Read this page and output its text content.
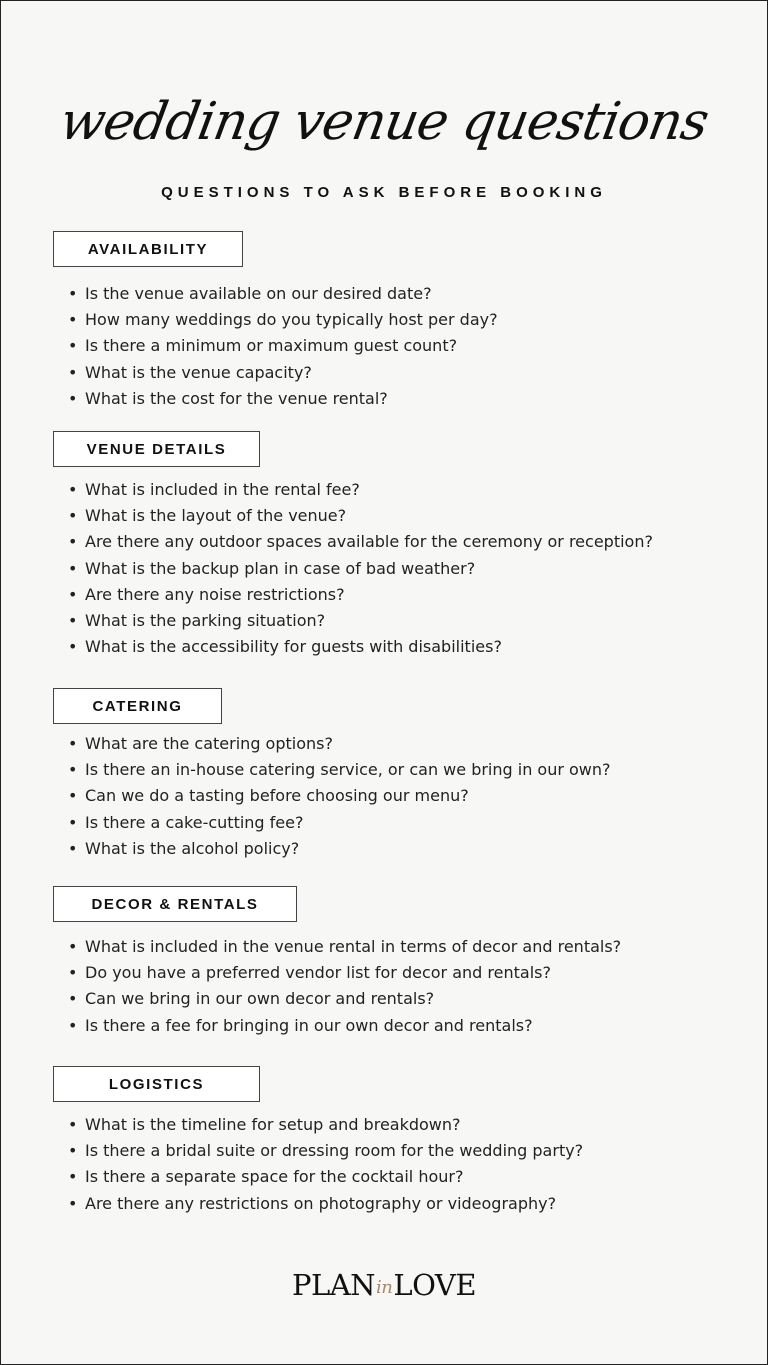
wedding venue questions
QUESTIONS TO ASK BEFORE BOOKING
AVAILABILITY
• Is the venue available on our desired date?
• How many weddings do you typically host per day?
• Is there a minimum or maximum guest count?
• What is the venue capacity?
• What is the cost for the venue rental?
VENUE DETAILS
• What is included in the rental fee?
• What is the layout of the venue?
• Are there any outdoor spaces available for the ceremony or reception?
• What is the backup plan in case of bad weather?
• Are there any noise restrictions?
• What is the parking situation?
• What is the accessibility for guests with disabilities?
CATERING
• What are the catering options?
• Is there an in-house catering service, or can we bring in our own?
• Can we do a tasting before choosing our menu?
• Is there a cake-cutting fee?
• What is the alcohol policy?
DECOR & RENTALS
• What is included in the venue rental in terms of decor and rentals?
• Do you have a preferred vendor list for decor and rentals?
• Can we bring in our own decor and rentals?
• Is there a fee for bringing in our own decor and rentals?
LOGISTICS
• What is the timeline for setup and breakdown?
• Is there a bridal suite or dressing room for the wedding party?
• Is there a separate space for the cocktail hour?
• Are there any restrictions on photography or videography?
PLANinLOVE
